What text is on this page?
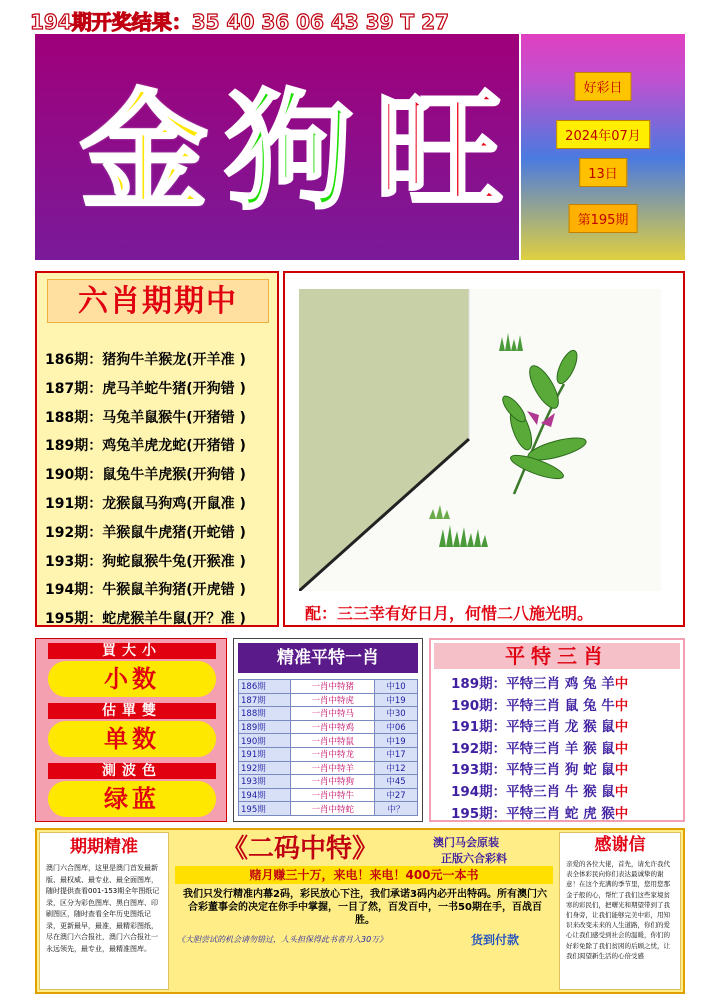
194期开奖结果：35 40 36 06 43 39 T 27
金 狗 旺	好彩日
2024年07月
13日
第195期
六肖期期中
186期：猪狗牛羊猴龙(开羊准 )
187期：虎马羊蛇牛猪(开狗错 )
188期：马兔羊鼠猴牛(开猪错 )
189期：鸡兔羊虎龙蛇(开猪错 )
190期：鼠兔牛羊虎猴(开狗错 )
191期：龙猴鼠马狗鸡(开鼠准 )
192期：羊猴鼠牛虎猪(开蛇错 )
193期：狗蛇鼠猴牛兔(开猴准 )
194期：牛猴鼠羊狗猪(开虎错 )
195期：蛇虎猴羊牛鼠(开？准 )	配：三三幸有好日月，何惜二八施光明。
買大小
小数
估單雙
单数
測波色
绿蓝
精准平特一肖
186期	一肖中特猪	中10
187期	一肖中特虎	中19
188期	一肖中特马	中30
189期	一肖中特鸡	中06
190期	一肖中特鼠	中19
191期	一肖中特龙	中17
192期	一肖中特羊	中12
193期	一肖中特狗	中45
194期	一肖中特牛	中27
195期	一肖中特蛇	中？
平特三肖
189期：平特三肖 鸡 兔 羊中
190期：平特三肖 鼠 兔 牛中
191期：平特三肖 龙 猴 鼠中
192期：平特三肖 羊 猴 鼠中
193期：平特三肖 狗 蛇 鼠中
194期：平特三肖 牛 猴 鼠中
195期：平特三肖 蛇 虎 猴中
期期精准
澳门六合图库，这里是澳门首发最新版、最权威、最专业、最全面图库，随时提供查看001-153期全年图纸记录，区分为彩色图库、黑白图库、印刷图区，随时查看全年历史图纸记录，更新最早，最准，最精彩图纸，尽在澳门六合报社，澳门六合报社一永远领先，最专业，最精准图库。
《二码中特》	澳门马会原装
正版六合彩料
赌月赚三十万，来电！来电！400元一本书
我们只发行精准内幕2码，彩民放心下注，我们承诺3码内必开出特码。所有澳门六合彩董事会的决定在你手中掌握，一目了然，百发百中，一书50期在手，百战百胜。
《大胆尝试的机会请勿错过，人头担保得此书者月入30万》	货到付款
感谢信
亲爱的各位大佬，首先，请允许我代表全体彩民向你们表达最诚挚的谢意！在这个充满的季节里，您用您那金子般的心，帮忙了我们这些家境贫寒的彩民们，把曙光和期望带到了我们身旁，让我们能够完美中彩，用知识来改变未来的人生道路，你们的爱心让我们感受到社会的温暖，你们的好彩免除了我们贫困的后顾之忧，让我们渴望新生活的心倍受感
